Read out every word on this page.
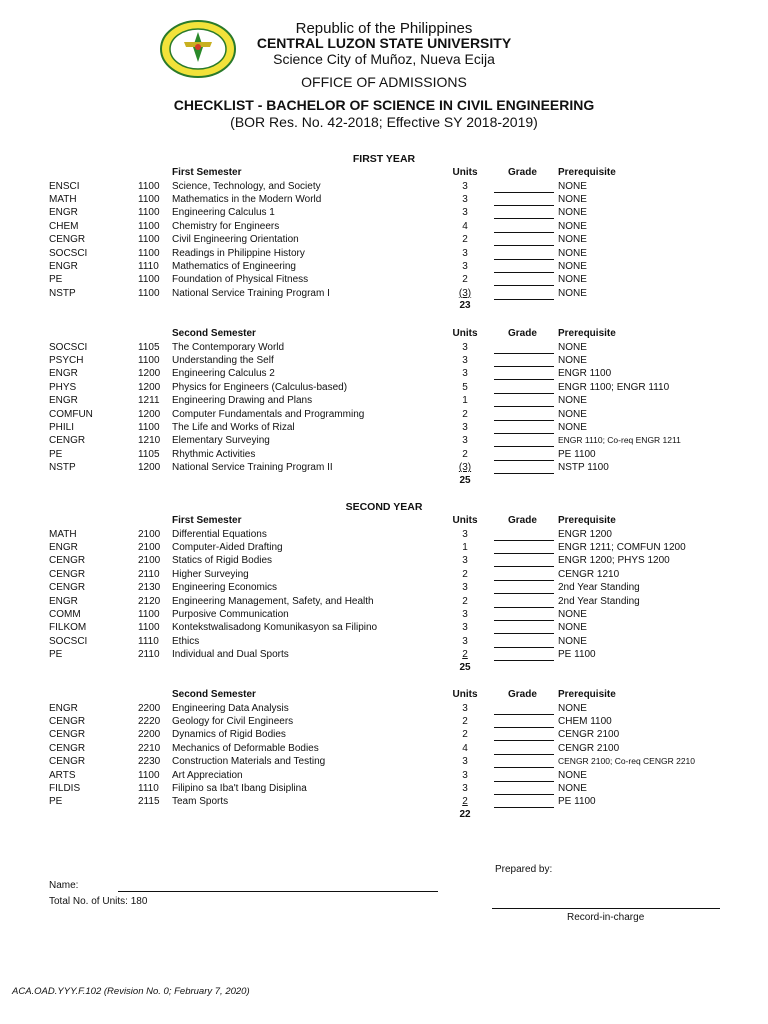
Republic of the Philippines
CENTRAL LUZON STATE UNIVERSITY
Science City of Muñoz, Nueva Ecija
OFFICE OF ADMISSIONS
CHECKLIST - BACHELOR OF SCIENCE IN CIVIL ENGINEERING
(BOR Res. No. 42-2018; Effective SY 2018-2019)
FIRST YEAR
SECOND YEAR
First Semester	Units	Grade Prerequisite
ENSCI	1100 Science, Technology, and Society	3	NONE
MATH	1100 Mathematics in the Modern World	3	NONE
ENGR	1100 Engineering Calculus 1	3	NONE
CHEM	1100 Chemistry for Engineers	4	NONE
CENGR	1100 Civil Engineering Orientation	2	NONE
SOCSCI	1100 Readings in Philippine History	3	NONE
ENGR	1110 Mathematics of Engineering	3	NONE
PE	1100 Foundation of Physical Fitness	2	NONE
NSTP	1100 National Service Training Program I	(3)	NONE
23
Second Semester	Units	Grade Prerequisite
SOCSCI	1105 The Contemporary World	3	NONE
PSYCH	1100 Understanding the Self	3	NONE
ENGR	1200 Engineering Calculus 2	3	ENGR 1100
PHYS	1200 Physics for Engineers (Calculus-based)	5	ENGR 1100; ENGR 1110
ENGR	1211 Engineering Drawing and Plans	1	NONE
COMFUN	1200 Computer Fundamentals and Programming	2	NONE
PHILI	1100 The Life and Works of Rizal	3	NONE
CENGR	1210 Elementary Surveying	3	ENGR 1110; Co-req ENGR 1211
PE	1105 Rhythmic Activities	2	PE 1100
NSTP	1200 National Service Training Program II	(3)	NSTP 1100
25
First Semester	Units	Grade Prerequisite
MATH	2100 Differential Equations	3	ENGR 1200
ENGR	2100 Computer-Aided Drafting	1	ENGR 1211; COMFUN 1200
CENGR	2100 Statics of Rigid Bodies	3	ENGR 1200; PHYS 1200
CENGR	2110 Higher Surveying	2	CENGR 1210
CENGR	2130 Engineering Economics	3	2nd Year Standing
ENGR	2120 Engineering Management, Safety, and Health	2	2nd Year Standing
COMM	1100 Purposive Communication	3	NONE
FILKOM	1100 Kontekstwalisadong Komunikasyon sa Filipino	3	NONE
SOCSCI	1110 Ethics	3	NONE
PE	2110 Individual and Dual Sports	2	PE 1100
25
Second Semester	Units	Grade Prerequisite
ENGR	2200 Engineering Data Analysis	3	NONE
CENGR	2220 Geology for Civil Engineers	2	CHEM 1100
CENGR	2200 Dynamics of Rigid Bodies	2	CENGR 2100
CENGR	2210 Mechanics of Deformable Bodies	4	CENGR 2100
CENGR	2230 Construction Materials and Testing	3	CENGR 2100; Co-req CENGR 2210
ARTS	1100 Art Appreciation	3	NONE
FILDIS	1110 Filipino sa Iba't Ibang Disiplina	3	NONE
PE	2115 Team Sports	2	PE 1100
22
Prepared by:
Name:
Total No. of Units: 180
Record-in-charge
ACA.OAD.YYY.F.102 (Revision No. 0; February 7, 2020)
